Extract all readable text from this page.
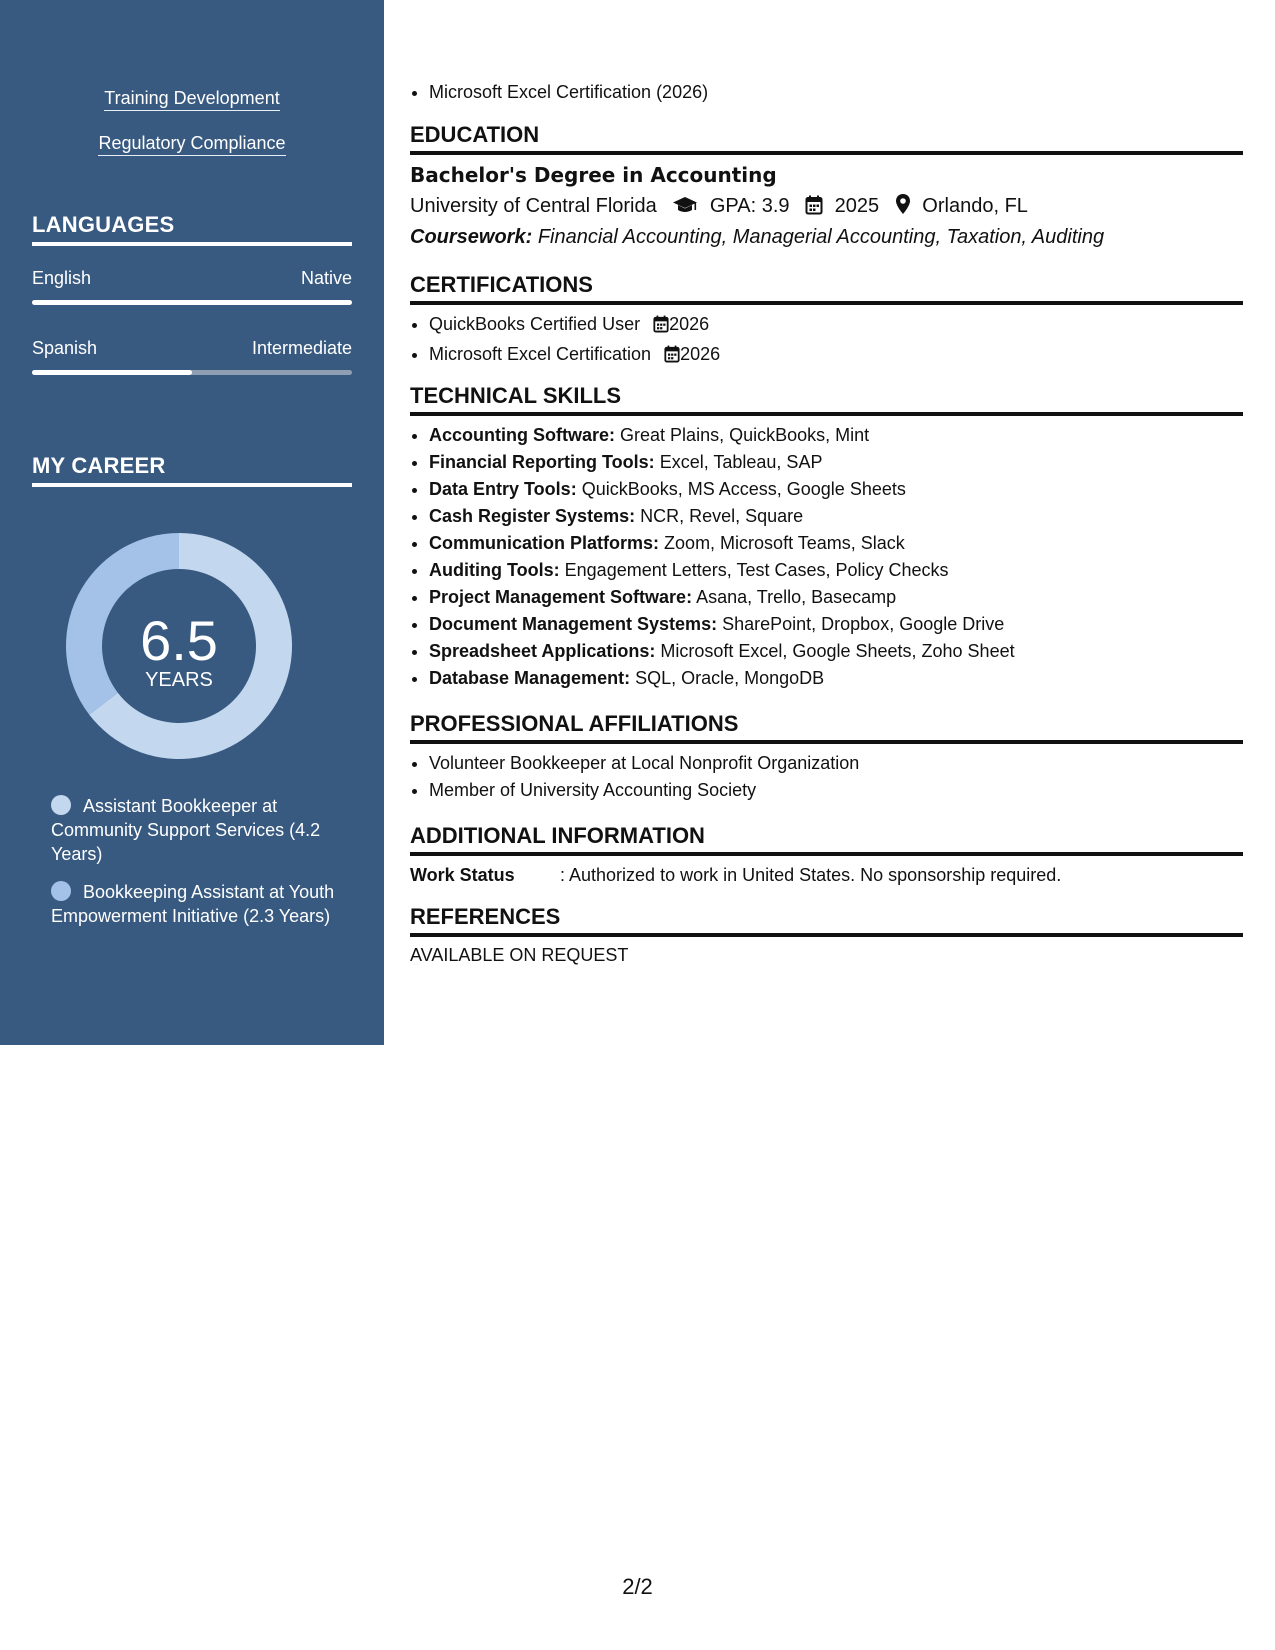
Training Development
Regulatory Compliance
LANGUAGES
English	Native
Spanish	Intermediate
MY CAREER
6.5
YEARS
Assistant Bookkeeper at Community Support Services (4.2 Years)
Bookkeeping Assistant at Youth Empowerment Initiative (2.3 Years)
• Microsoft Excel Certification (2026)
EDUCATION
Bachelor's Degree in Accounting
University of Central Florida	GPA: 3.9 2025 Orlando, FL
Coursework: Financial Accounting, Managerial Accounting, Taxation, Auditing
CERTIFICATIONS
• QuickBooks Certified User 2026
• Microsoft Excel Certification 2026
TECHNICAL SKILLS
• Accounting Software: Great Plains, QuickBooks, Mint
• Financial Reporting Tools: Excel, Tableau, SAP
• Data Entry Tools: QuickBooks, MS Access, Google Sheets
• Cash Register Systems: NCR, Revel, Square
• Communication Platforms: Zoom, Microsoft Teams, Slack
• Auditing Tools: Engagement Letters, Test Cases, Policy Checks
• Project Management Software: Asana, Trello, Basecamp
• Document Management Systems: SharePoint, Dropbox, Google Drive
• Spreadsheet Applications: Microsoft Excel, Google Sheets, Zoho Sheet
• Database Management: SQL, Oracle, MongoDB
PROFESSIONAL AFFILIATIONS
• Volunteer Bookkeeper at Local Nonprofit Organization
• Member of University Accounting Society
ADDITIONAL INFORMATION
Work Status	: Authorized to work in United States. No sponsorship required.
REFERENCES
AVAILABLE ON REQUEST
2/2
